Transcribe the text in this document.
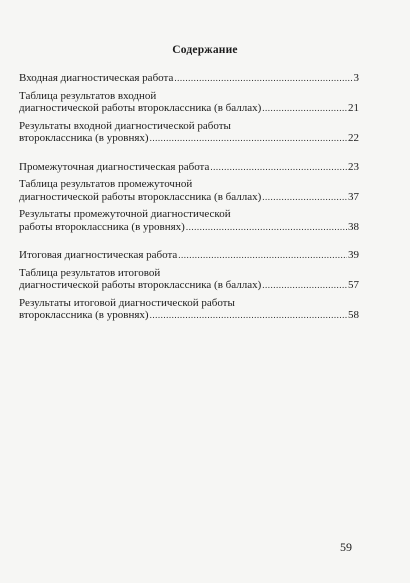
Содержание
Входная диагностическая работа .....	3
Таблица результатов входной
диагностической работы второклассника (в баллах) .....	21
Результаты входной диагностической работы
второклассника (в уровнях) .....	22
Промежуточная диагностическая работа .....	23
Таблица результатов промежуточной
диагностической работы второклассника (в баллах) .....	37
Результаты промежуточной диагностической
работы второклассника (в уровнях) .....	38
Итоговая диагностическая работа .....	39
Таблица результатов итоговой
диагностической работы второклассника (в баллах) .....	57
Результаты итоговой диагностической работы
второклассника (в уровнях) .....	58
59
